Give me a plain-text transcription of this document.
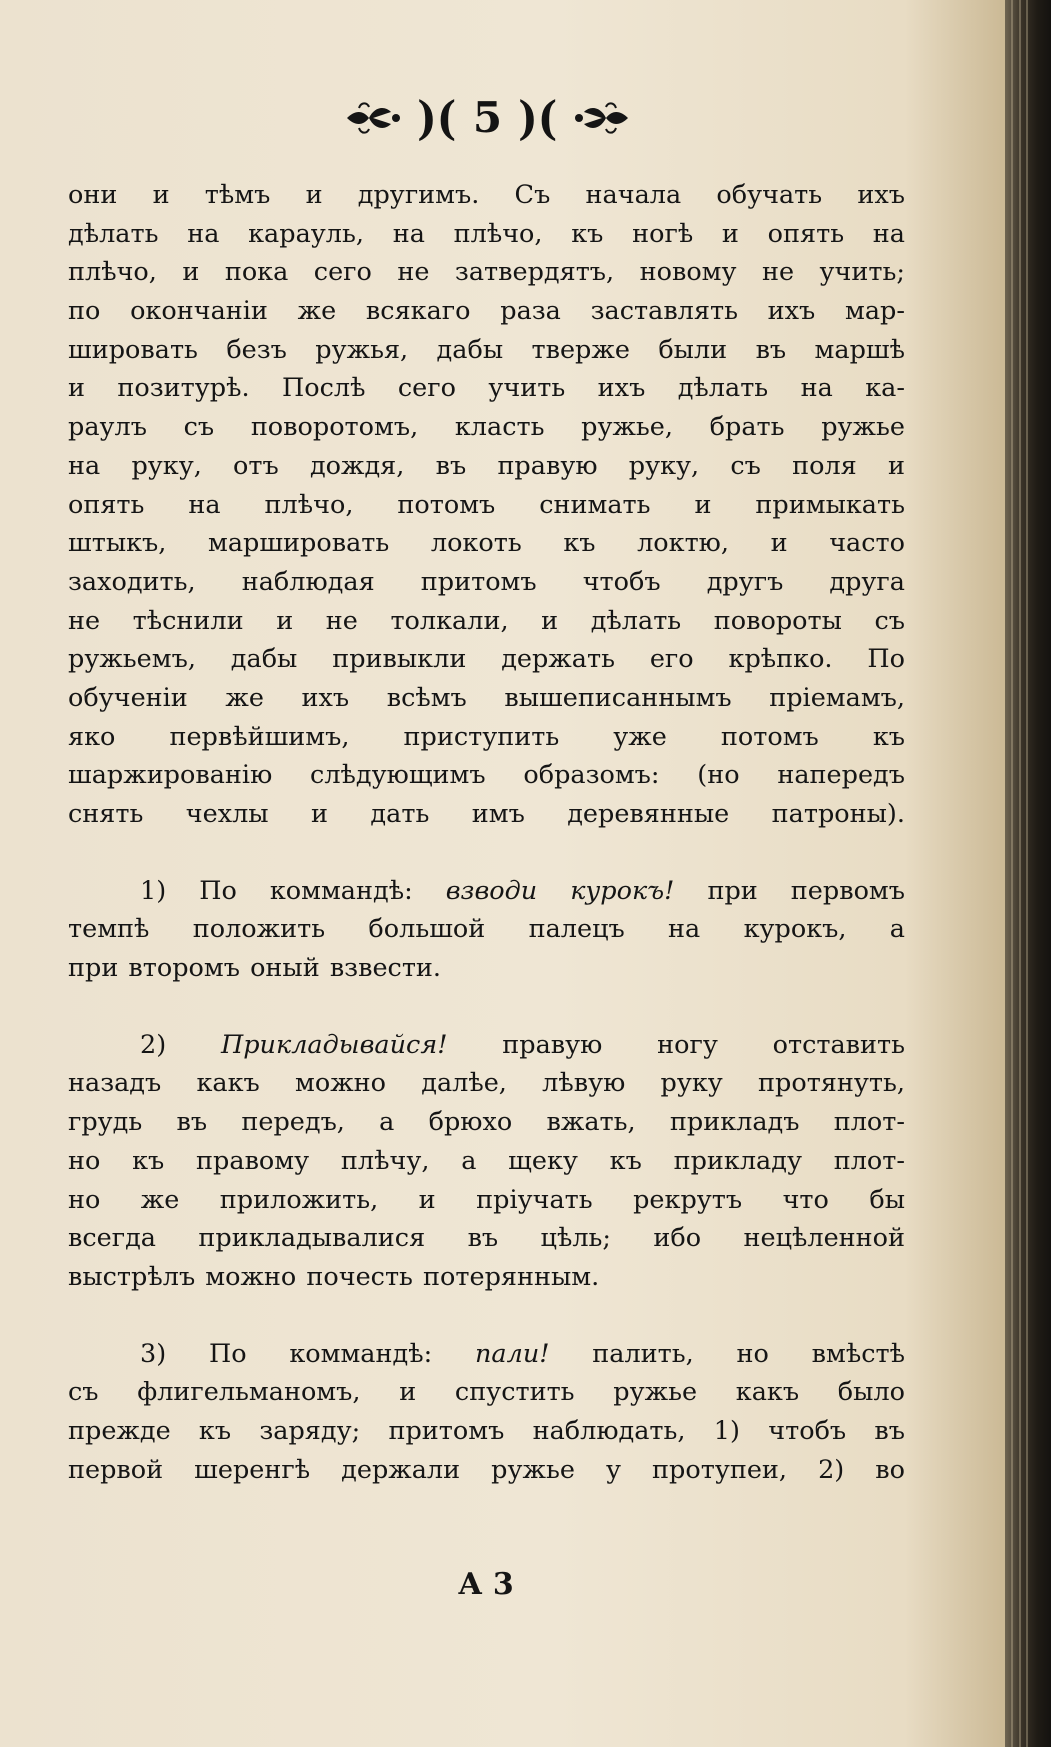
)( 5 )(
они и тѣмъ и другимъ. Съ начала обучать ихъ
дѣлать на карауль, на плѣчо, къ ногѣ и опять на
плѣчо, и пока сего не затвердятъ, новому не учить;
по окончаніи же всякаго раза заставлять ихъ мар-
шировать безъ ружья, дабы тверже были въ маршѣ
и позитурѣ. Послѣ сего учить ихъ дѣлать на ка-
раулъ съ поворотомъ, класть ружье, брать ружье
на руку, отъ дождя, въ правую руку, съ поля и
опять на плѣчо, потомъ снимать и примыкать
штыкъ, маршировать локоть къ локтю, и часто
заходить, наблюдая притомъ чтобъ другъ друга
не тѣснили и не толкали, и дѣлать повороты съ
ружьемъ, дабы привыкли держать его крѣпко. По
обученіи же ихъ всѣмъ вышеписаннымъ пріемамъ,
яко первѣйшимъ, приступить уже потомъ къ
шаржированію слѣдующимъ образомъ: (но напередъ
снять чехлы и дать имъ деревянные патроны).
1) По коммандѣ: взводи курокъ! при первомъ
темпѣ положить большой палецъ на курокъ, а
при второмъ оный взвести.
2) Прикладывайся! правую ногу отставить
назадъ какъ можно далѣе, лѣвую руку протянуть,
грудь въ передъ, а брюхо вжать, прикладъ плот-
но къ правому плѣчу, а щеку къ прикладу плот-
но же приложить, и пріучать рекрутъ что бы
всегда прикладывалися въ цѣль; ибо нецѣленной
выстрѣлъ можно почесть потерянным.
3) По коммандѣ: пали! палить, но вмѣстѣ
съ флигельманомъ, и спустить ружье какъ было
прежде къ заряду; притомъ наблюдать, 1) чтобъ въ
первой шеренгѣ держали ружье у протупеи, 2) во
А 3
